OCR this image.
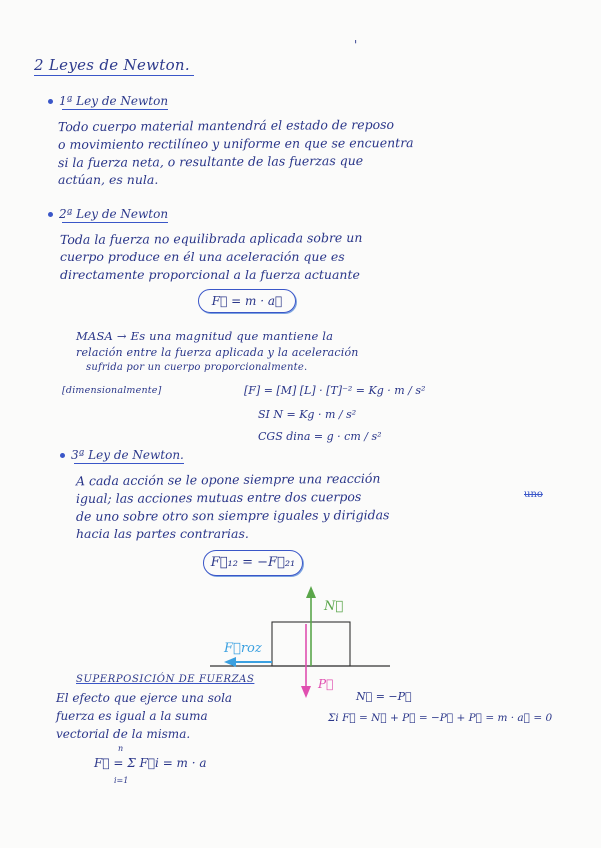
'
2 Leyes de Newton.
1ª Ley de Newton
Todo cuerpo material mantendrá el estado de reposo
o movimiento rectilíneo y uniforme en que se encuentra
si la fuerza neta, o resultante de las fuerzas que
actúan, es nula.
2ª Ley de Newton
Toda la fuerza no equilibrada aplicada sobre un
cuerpo produce en él una aceleración que es
directamente proporcional a la fuerza actuante
F⃗ = m · a⃗
MASA → Es una magnitud que mantiene la
relación entre la fuerza aplicada y la aceleración
sufrida por un cuerpo proporcionalmente.
[dimensionalmente]	[F] = [M] [L] · [T]⁻² = Kg · m / s²
SI N = Kg · m / s²
CGS dina = g · cm / s²
3ª Ley de Newton.
A cada acción se le opone siempre una reacción
igual; las acciones mutuas entre dos cuerpos	uno
de uno sobre otro son siempre iguales y dirigidas
hacia las partes contrarias.
F⃗₁₂ = −F⃗₂₁
N⃗
P⃗
F⃗roz
SUPERPOSICIÓN DE FUERZAS
El efecto que ejerce una sola
fuerza es igual a la suma
vectorial de la misma.
n
F⃗ = Σ F⃗i = m · a
i=1
N⃗ = −P⃗
Σi F⃗ = N⃗ + P⃗ = −P⃗ + P⃗ = m · a⃗ = 0
